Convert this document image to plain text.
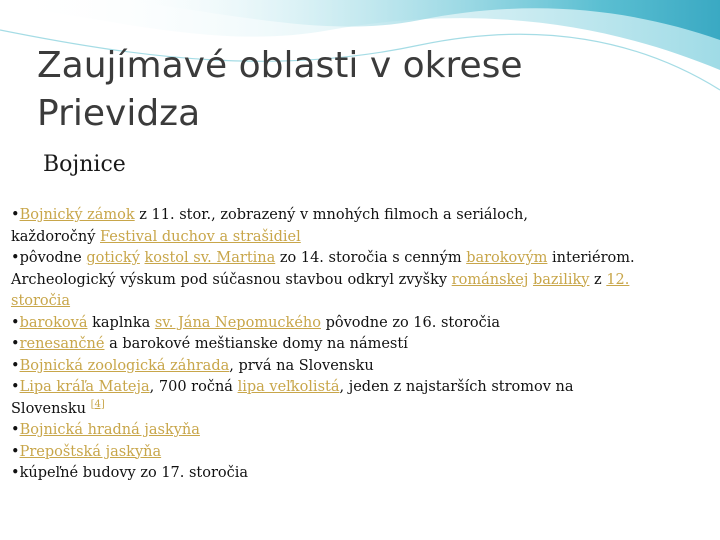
Zaujímavé oblasti v okrese
Prievidza
Bojnice
•Bojnický zámok z 11. stor., zobrazený v mnohých filmoch a seriáloch,
každoročný Festival duchov a strašidiel
•pôvodne gotický kostol sv. Martina zo 14. storočia s cenným barokovým interiérom.
Archeologický výskum pod súčasnou stavbou odkryl zvyšky románskej baziliky z 12.
storočia
•baroková kaplnka sv. Jána Nepomuckého pôvodne zo 16. storočia
•renesančné a barokové meštianske domy na námestí
•Bojnická zoologická záhrada, prvá na Slovensku
•Lipa kráľa Mateja, 700 ročná lipa veľkolistá, jeden z najstarších stromov na
Slovensku [4]
•Bojnická hradná jaskyňa
•Prepoštská jaskyňa
•kúpeľné budovy zo 17. storočia
